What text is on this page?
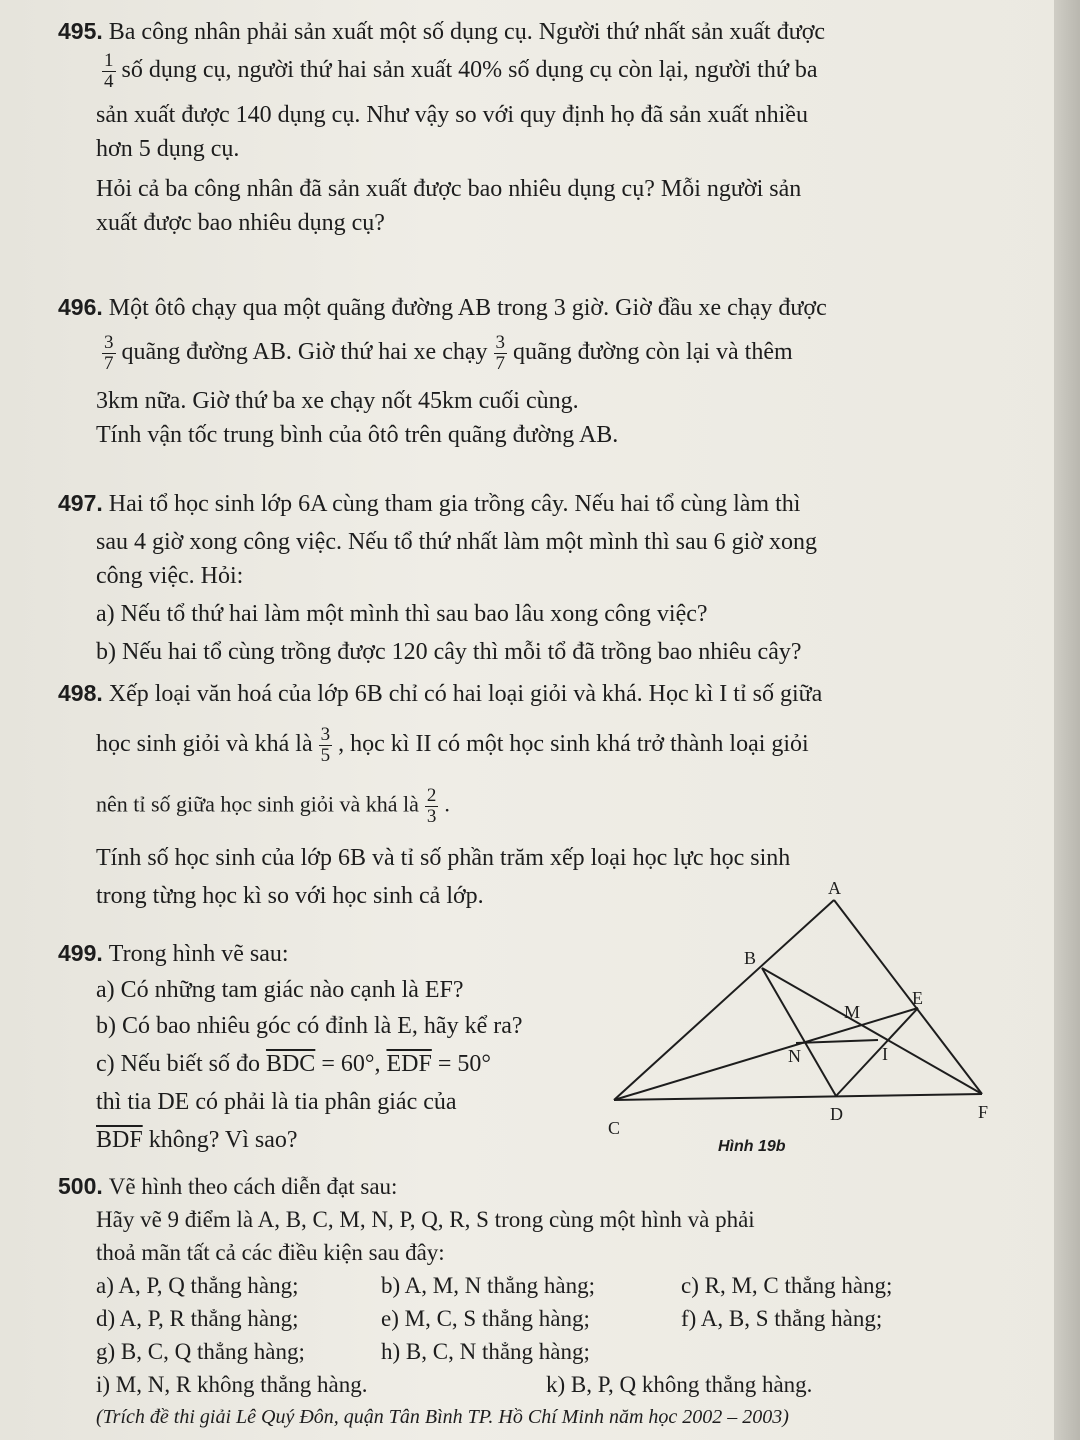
495. Ba công nhân phải sản xuất một số dụng cụ. Người thứ nhất sản xuất được
$\frac{1}{4}$ số dụng cụ, người thứ hai sản xuất 40% số dụng cụ còn lại, người thứ ba
sản xuất được 140 dụng cụ. Như vậy so với quy định họ đã sản xuất nhiều
hơn 5 dụng cụ.
Hỏi cả ba công nhân đã sản xuất được bao nhiêu dụng cụ? Mỗi người sản
xuất được bao nhiêu dụng cụ?
496. Một ôtô chạy qua một quãng đường AB trong 3 giờ. Giờ đầu xe chạy được
$\frac{3}{7}$ quãng đường AB. Giờ thứ hai xe chạy $\frac{3}{7}$ quãng đường còn lại và thêm
3km nữa. Giờ thứ ba xe chạy nốt 45km cuối cùng.
Tính vận tốc trung bình của ôtô trên quãng đường AB.
497. Hai tổ học sinh lớp 6A cùng tham gia trồng cây. Nếu hai tổ cùng làm thì
sau 4 giờ xong công việc. Nếu tổ thứ nhất làm một mình thì sau 6 giờ xong
công việc. Hỏi:
a) Nếu tổ thứ hai làm một mình thì sau bao lâu xong công việc?
b) Nếu hai tổ cùng trồng được 120 cây thì mỗi tổ đã trồng bao nhiêu cây?
498. Xếp loại văn hoá của lớp 6B chỉ có hai loại giỏi và khá. Học kì I tỉ số giữa
học sinh giỏi và khá là $\frac{3}{5}$ , học kì II có một học sinh khá trở thành loại giỏi
nên tỉ số giữa học sinh giỏi và khá là $\frac{2}{3}$ .
Tính số học sinh của lớp 6B và tỉ số phần trăm xếp loại học lực học sinh
trong từng học kì so với học sinh cả lớp.
499. Trong hình vẽ sau:
a) Có những tam giác nào cạnh là EF?
b) Có bao nhiêu góc có đỉnh là E, hãy kể ra?
c) Nếu biết số đo $\overline{BDC} = 60^\circ$, $\overline{EDF} = 50^\circ$
thì tia DE có phải là tia phân giác của
$\overline{BDF}$ không? Vì sao?
A
B
C
D
E
F
M
N	I
Hình 19b
500. Vẽ hình theo cách diễn đạt sau:
Hãy vẽ 9 điểm là A, B, C, M, N, P, Q, R, S trong cùng một hình và phải
thoả mãn tất cả các điều kiện sau đây:
a) A, P, Q thẳng hàng;	b) A, M, N thẳng hàng;	c) R, M, C thẳng hàng;
d) A, P, R thẳng hàng;	e) M, C, S thẳng hàng;	f) A, B, S thẳng hàng;
g) B, C, Q thẳng hàng;	h) B, C, N thẳng hàng;
i) M, N, R không thẳng hàng.	k) B, P, Q không thẳng hàng.
(Trích đề thi giải Lê Quý Đôn, quận Tân Bình TP. Hồ Chí Minh năm học 2002 – 2003)
